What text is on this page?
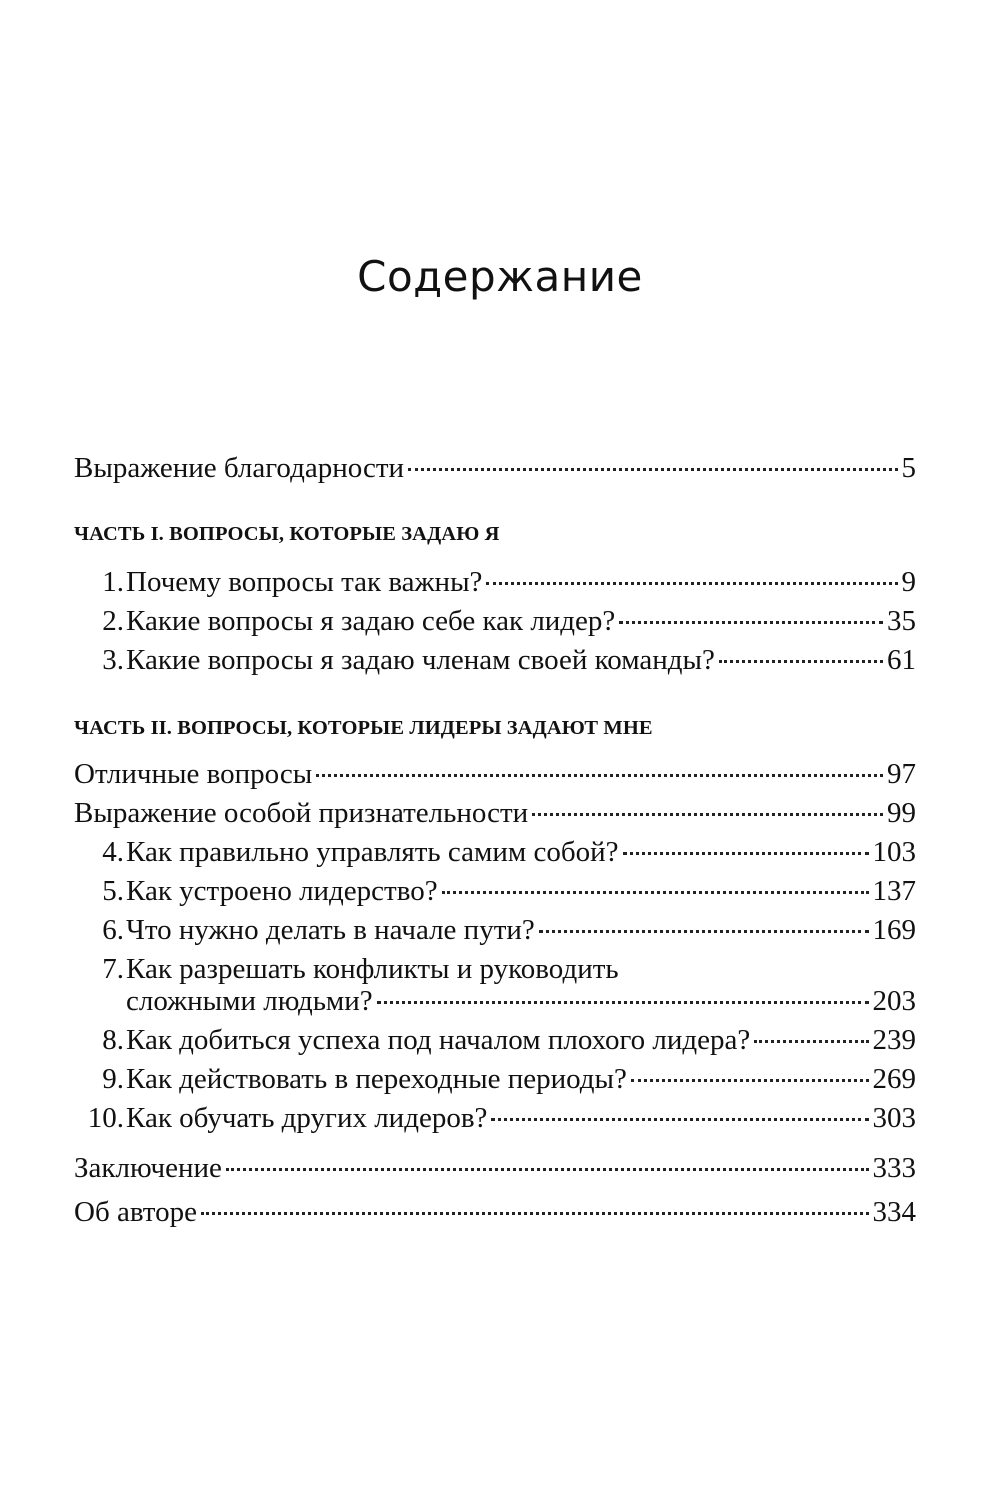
Содержание
Выражение благодарности	5
ЧАСТЬ I. ВОПРОСЫ, КОТОРЫЕ ЗАДАЮ Я
1. Почему вопросы так важны?	9
2. Какие вопросы я задаю себе как лидер?	35
3. Какие вопросы я задаю членам своей команды?	61
ЧАСТЬ II. ВОПРОСЫ, КОТОРЫЕ ЛИДЕРЫ ЗАДАЮТ МНЕ
Отличные вопросы	97
Выражение особой признательности	99
4. Как правильно управлять самим собой?	103
5. Как устроено лидерство?	137
6. Что нужно делать в начале пути?	169
7. Как разрешать конфликты и руководить
сложными людьми?	203
8. Как добиться успеха под началом плохого лидера?	239
9. Как действовать в переходные периоды?	269
10. Как обучать других лидеров?	303
Заключение	333
Об авторе	334
